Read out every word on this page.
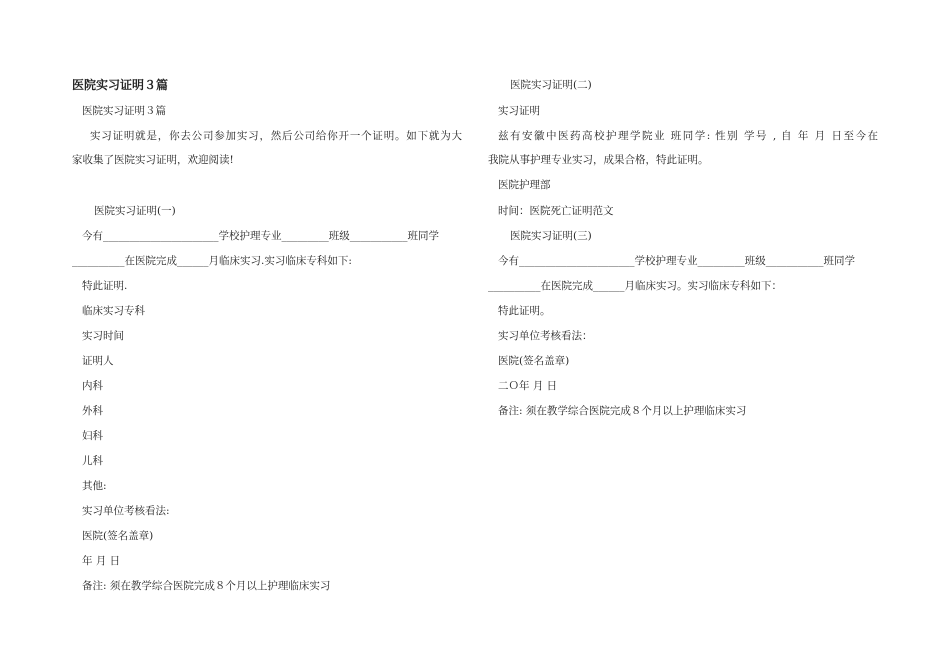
医院实习证明３篇
医院实习证明３篇
实习证明就是，你去公司参加实习，然后公司给你开一个证明。如下就为大
家收集了医院实习证明，欢迎阅读!
医院实习证明(一)
今有______________________学校护理专业_________班级___________班同学
__________在医院完成______月临床实习.实习临床专科如下:
特此证明.
临床实习专科
实习时间
证明人
内科
外科
妇科
儿科
其他:
实习单位考核看法:
医院(签名盖章)
年 月 日
备注: 须在教学综合医院完成８个月以上护理临床实习
医院实习证明(二)
实习证明
兹有安徽中医药高校护理学院业 班同学: 性别 学号 , 自 年 月 日至今在
我院从事护理专业实习，成果合格，特此证明。
医院护理部
时间：医院死亡证明范文
医院实习证明(三)
今有______________________学校护理专业_________班级___________班同学
__________在医院完成______月临床实习。实习临床专科如下：
特此证明。
实习单位考核看法：
医院(签名盖章)
二Ｏ年 月 日
备注: 须在教学综合医院完成８个月以上护理临床实习
